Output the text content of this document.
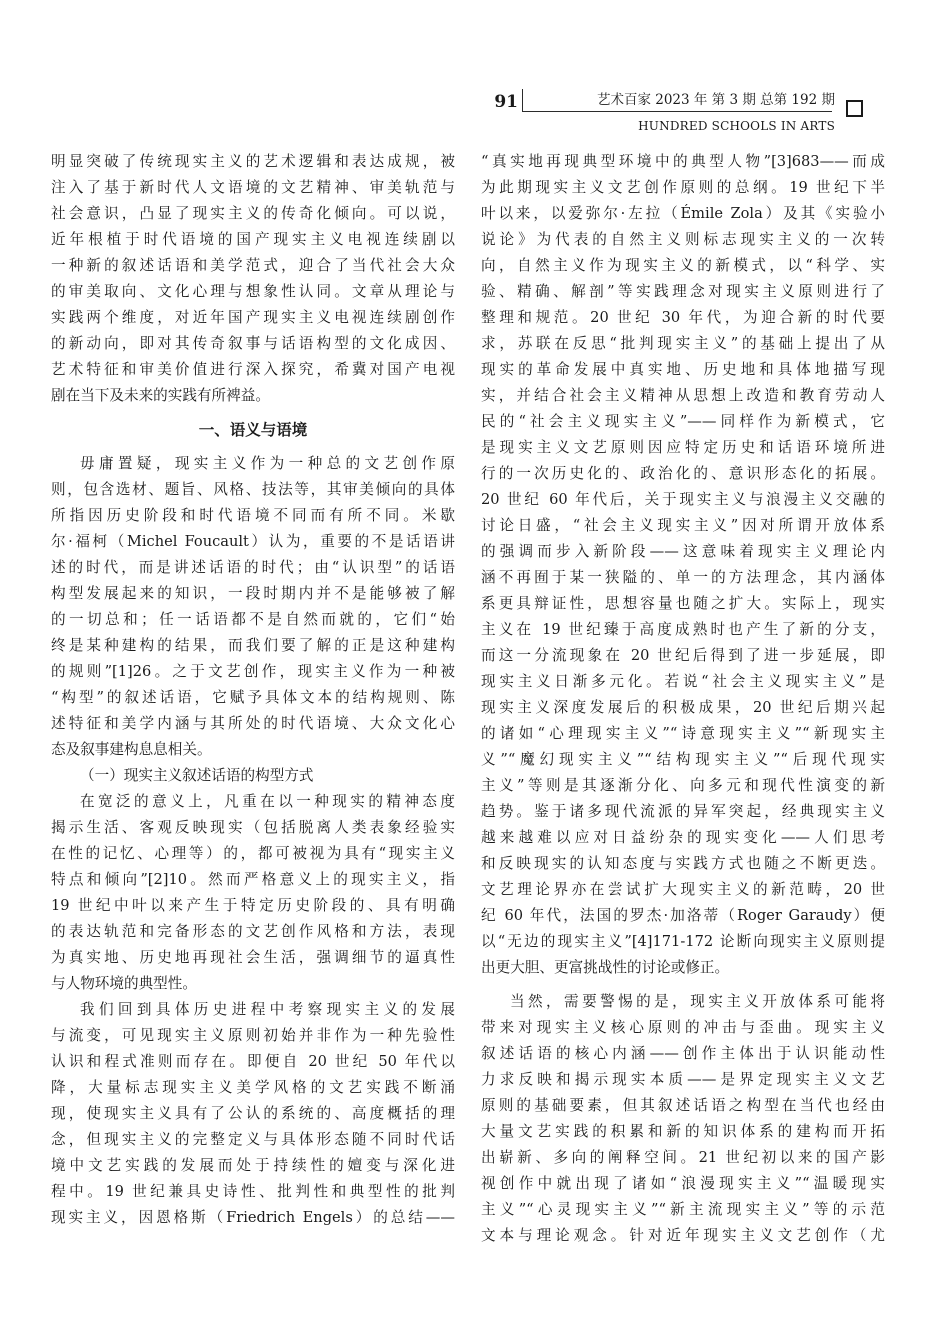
91	艺术百家 2023 年 第 3 期 总第 192 期
HUNDRED SCHOOLS IN ARTS
明显突破了传统现实主义的艺术逻辑和表达成规，被
注入了基于新时代人文语境的文艺精神、审美轨范与
社会意识，凸显了现实主义的传奇化倾向。可以说，
近年根植于时代语境的国产现实主义电视连续剧以
一种新的叙述话语和美学范式，迎合了当代社会大众
的审美取向、文化心理与想象性认同。文章从理论与
实践两个维度，对近年国产现实主义电视连续剧创作
的新动向，即对其传奇叙事与话语构型的文化成因、
艺术特征和审美价值进行深入探究，希冀对国产电视
剧在当下及未来的实践有所裨益。
一、语义与语境
毋庸置疑，现实主义作为一种总的文艺创作原
则，包含选材、题旨、风格、技法等，其审美倾向的具体
所指因历史阶段和时代语境不同而有所不同。米歇
尔·福柯（Michel Foucault）认为，重要的不是话语讲
述的时代，而是讲述话语的时代；由“认识型”的话语
构型发展起来的知识，一段时期内并不是能够被了解
的一切总和；任一话语都不是自然而就的，它们“始
终是某种建构的结果，而我们要了解的正是这种建构
的规则”[1]26。之于文艺创作，现实主义作为一种被
“构型”的叙述话语，它赋予具体文本的结构规则、陈
述特征和美学内涵与其所处的时代语境、大众文化心
态及叙事建构息息相关。
（一）现实主义叙述话语的构型方式
在宽泛的意义上，凡重在以一种现实的精神态度
揭示生活、客观反映现实（包括脱离人类表象经验实
在性的记忆、心理等）的，都可被视为具有“现实主义
特点和倾向”[2]10。然而严格意义上的现实主义，指
19 世纪中叶以来产生于特定历史阶段的、具有明确
的表达轨范和完备形态的文艺创作风格和方法，表现
为真实地、历史地再现社会生活，强调细节的逼真性
与人物环境的典型性。
我们回到具体历史进程中考察现实主义的发展
与流变，可见现实主义原则初始并非作为一种先验性
认识和程式准则而存在。即便自 20 世纪 50 年代以
降，大量标志现实主义美学风格的文艺实践不断涌
现，使现实主义具有了公认的系统的、高度概括的理
念，但现实主义的完整定义与具体形态随不同时代话
境中文艺实践的发展而处于持续性的嬗变与深化进
程中。19 世纪兼具史诗性、批判性和典型性的批判
现实主义，因恩格斯（Friedrich Engels）的总结——
“真实地再现典型环境中的典型人物”[3]683——而成
为此期现实主义文艺创作原则的总纲。19 世纪下半
叶以来，以爱弥尔·左拉（Émile Zola）及其《实验小
说论》为代表的自然主义则标志现实主义的一次转
向，自然主义作为现实主义的新模式，以“科学、实
验、精确、解剖”等实践理念对现实主义原则进行了
整理和规范。20 世纪 30 年代，为迎合新的时代要
求，苏联在反思“批判现实主义”的基础上提出了从
现实的革命发展中真实地、历史地和具体地描写现
实，并结合社会主义精神从思想上改造和教育劳动人
民的“社会主义现实主义”——同样作为新模式，它
是现实主义文艺原则因应特定历史和话语环境所进
行的一次历史化的、政治化的、意识形态化的拓展。
20 世纪 60 年代后，关于现实主义与浪漫主义交融的
讨论日盛，“社会主义现实主义”因对所谓开放体系
的强调而步入新阶段——这意味着现实主义理论内
涵不再囿于某一狭隘的、单一的方法理念，其内涵体
系更具辩证性，思想容量也随之扩大。实际上，现实
主义在 19 世纪臻于高度成熟时也产生了新的分支，
而这一分流现象在 20 世纪后得到了进一步延展，即
现实主义日渐多元化。若说“社会主义现实主义”是
现实主义深度发展后的积极成果，20 世纪后期兴起
的诸如“心理现实主义”“诗意现实主义”“新现实主
义”“魔幻现实主义”“结构现实主义”“后现代现实
主义”等则是其逐渐分化、向多元和现代性演变的新
趋势。鉴于诸多现代流派的异军突起，经典现实主义
越来越难以应对日益纷杂的现实变化——人们思考
和反映现实的认知态度与实践方式也随之不断更迭。
文艺理论界亦在尝试扩大现实主义的新范畴，20 世
纪 60 年代，法国的罗杰·加洛蒂（Roger Garaudy）便
以“无边的现实主义”[4]171-172 论断向现实主义原则提
出更大胆、更富挑战性的讨论或修正。
当然，需要警惕的是，现实主义开放体系可能将
带来对现实主义核心原则的冲击与歪曲。现实主义
叙述话语的核心内涵——创作主体出于认识能动性
力求反映和揭示现实本质——是界定现实主义文艺
原则的基础要素，但其叙述话语之构型在当代也经由
大量文艺实践的积累和新的知识体系的建构而开拓
出崭新、多向的阐释空间。21 世纪初以来的国产影
视创作中就出现了诸如“浪漫现实主义”“温暖现实
主义”“心灵现实主义”“新主流现实主义”等的示范
文本与理论观念。针对近年现实主义文艺创作（尤
